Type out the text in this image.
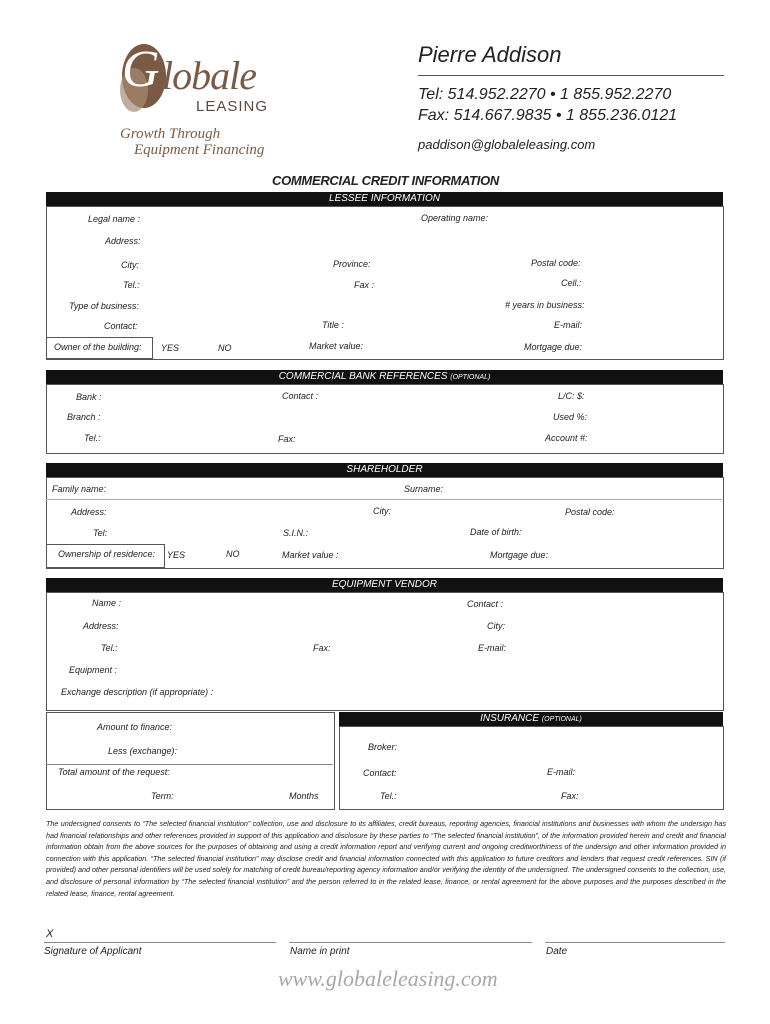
G lobale
LEASING
Growth Through
Equipment Financing
Pierre Addison
Tel: 514.952.2270 • 1 855.952.2270
Fax: 514.667.9835 • 1 855.236.0121
paddison@globaleleasing.com
COMMERCIAL CREDIT INFORMATION
LESSEE INFORMATION
Legal name :	Operating name:
Address:
City:	Province:	Postal code:
Tel.:	Fax :	Cell.:
Type of business:	# years in business:
Contact:	Title :	E-mail:
Owner of the building: YES	NO	Market value:	Mortgage due:
COMMERCIAL BANK REFERENCES (OPTIONAL)
Bank :	Contact :	L/C: $:
Branch :	Used %:
Tel.:	Fax:	Account #:
SHAREHOLDER
Family name:	Surname:
Address:	City:	Postal code:
Tel:	S.I.N.:	Date of birth:
Ownership of residence: YES	NO	Market value :	Mortgage due:
EQUIPMENT VENDOR
Name :	Contact :
Address:	City:
Tel.:	Fax:	E-mail:
Equipment :
Exchange description (if appropriate) :
Amount to finance:
Less (exchange):
Total amount of the request:
Term:	Months
INSURANCE (OPTIONAL)
Broker:
Contact:	E-mail:
Tel.:	Fax:
The undersigned consents to “The selected financial institution” collection, use and disclosure to its affiliates, credit bureaus, reporting agencies, financial institutions and businesses with whom the undersign has had financial relationships and other references provided in support of this application and disclosure by these parties to “The selected financial institution”, of the information provided herein and credit and financial information obtain from the above sources for the purposes of obtaining and using a credit information report and verifying current and ongoing creditworthiness of the undersign and other information provided in connection with this application. “The selected financial institution” may disclose credit and financial information connected with this application to future creditors and lenders that request credit references. SIN (if provided) and other personal identifiers will be used solely for matching of credit bureau/reporting agency information and/or verifying the identity of the undersigned. The undersigned consents to the collection, use, and disclosure of personal information by “The selected financial institution” and the person referred to in the related lease, finance, or rental agreement for the above purposes and the purposes described in the related lease, finance, rental agreement.
X
Signature of Applicant	Name in print	Date
www.globaleleasing.com
